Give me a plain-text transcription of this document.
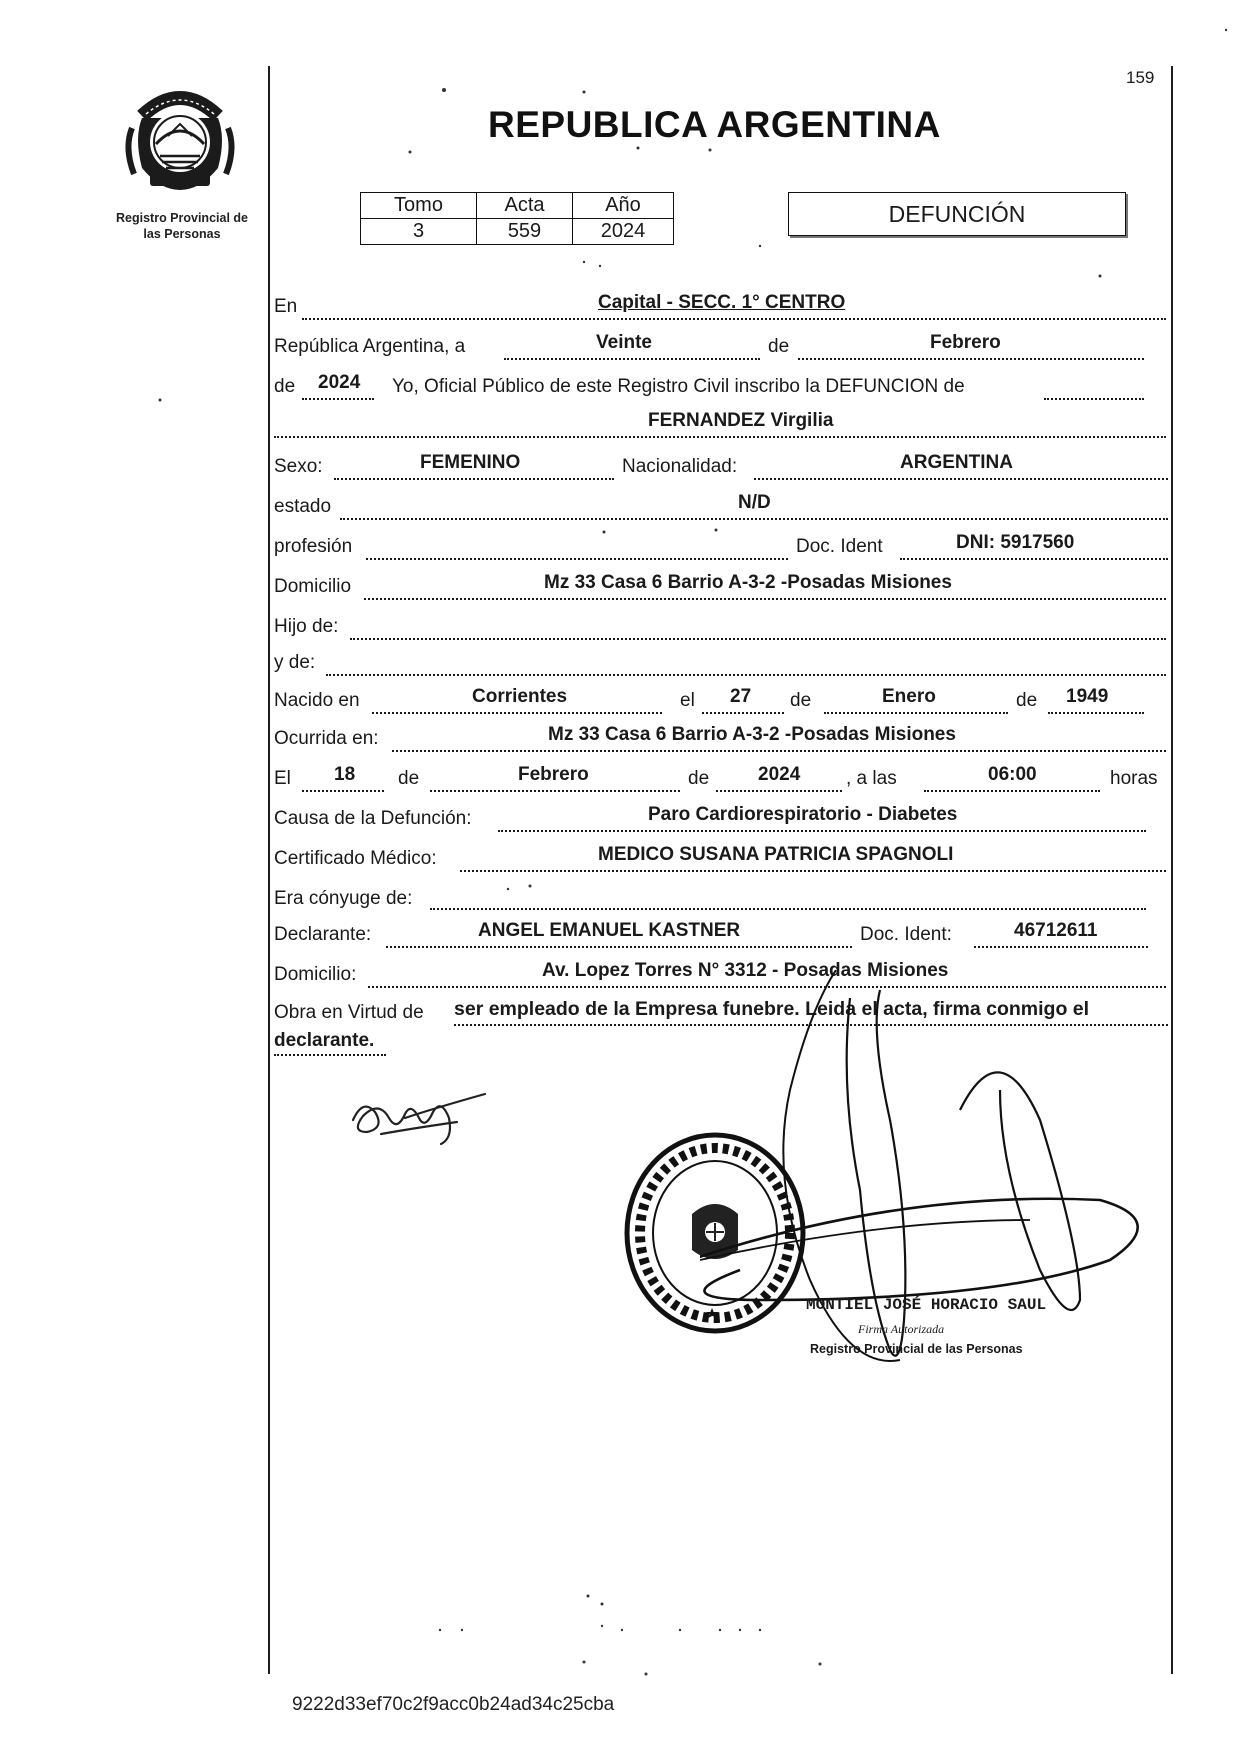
Registro Provincial de
las Personas
159
REPUBLICA ARGENTINA
Tomo	Acta	Año
3	559	2024
DEFUNCIÓN
En	Capital - SECC. 1° CENTRO
República Argentina, a	Veinte	de	Febrero
de 2024 Yo, Oficial Público de este Registro Civil inscribo la DEFUNCION de
FERNANDEZ Virgilia
Sexo:	FEMENINO	Nacionalidad:	ARGENTINA
estado	N/D
profesión	Doc. Ident	DNI: 5917560
Domicilio	Mz 33 Casa 6 Barrio A-3-2 -Posadas Misiones
Hijo de:
y de:
Nacido en	Corrientes	el 27 de	Enero	de 1949
Ocurrida en:	Mz 33 Casa 6 Barrio A-3-2 -Posadas Misiones
El 18 de	Febrero	de	2024 , a las	06:00	horas
Causa de la Defunción:	Paro Cardiorespiratorio - Diabetes
Certificado Médico:	MEDICO SUSANA PATRICIA SPAGNOLI
Era cónyuge de:
Declarante:	ANGEL EMANUEL KASTNER	Doc. Ident:	46712611
Domicilio:	Av. Lopez Torres N° 3312 - Posadas Misiones
Obra en Virtud de ser empleado de la Empresa funebre. Leida el acta, firma conmigo el
declarante.
MONTIEL JOSÉ HORACIO SAUL
Firma Autorizada
Registro Provincial de las Personas
9222d33ef70c2f9acc0b24ad34c25cba
